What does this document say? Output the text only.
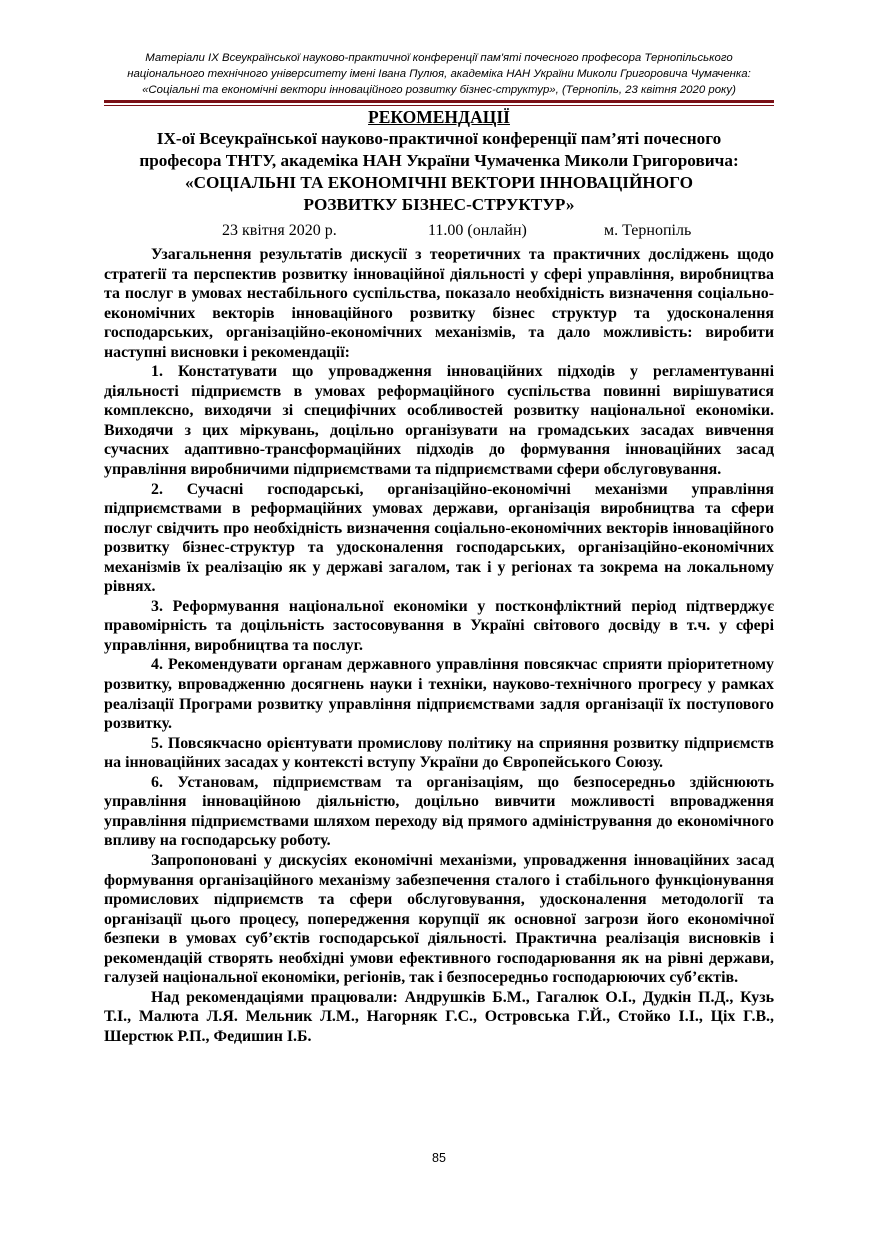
Матеріали IX Всеукраїнської науково-практичної конференції пам'яті почесного професора Тернопільського
національного технічного університету імені Івана Пулюя, академіка НАН України Миколи Григоровича Чумаченка:
«Соціальні та економічні вектори інноваційного розвитку бізнес-структур», (Тернопіль, 23 квітня 2020 року)
РЕКОМЕНДАЦІЇ
IX-ої Всеукраїнської науково-практичної конференції пам’яті почесного
професора ТНТУ, академіка НАН України Чумаченка Миколи Григоровича:
«СОЦІАЛЬНІ ТА ЕКОНОМІЧНІ ВЕКТОРИ ІННОВАЦІЙНОГО
РОЗВИТКУ БІЗНЕС-СТРУКТУР»
23 квітня 2020 р.	11.00 (онлайн)	м. Тернопіль

Узагальнення результатів дискусії з теоретичних та практичних досліджень щодо стратегії та перспектив розвитку інноваційної діяльності у сфері управління, виробництва та послуг в умовах нестабільного суспільства, показало необхідність визначення соціально-економічних векторів інноваційного розвитку бізнес структур та удосконалення господарських, організаційно-економічних механізмів, та дало можливість: виробити наступні висновки і рекомендації:

1. Констатувати що упровадження інноваційних підходів у регламентуванні діяльності підприємств в умовах реформаційного суспільства повинні вирішуватися комплексно, виходячи зі специфічних особливостей розвитку національної економіки. Виходячи з цих міркувань, доцільно організувати на громадських засадах вивчення сучасних адаптивно-трансформаційних підходів до формування інноваційних засад управління виробничими підприємствами та підприємствами сфери обслуговування.

2. Сучасні господарські, організаційно-економічні механізми управління підприємствами в реформаційних умовах держави, організація виробництва та сфери послуг свідчить про необхідність визначення соціально-економічних векторів інноваційного розвитку бізнес-структур та удосконалення господарських, організаційно-економічних механізмів їх реалізацію як у державі загалом, так і у регіонах та зокрема на локальному рівнях.

3. Реформування національної економіки у постконфліктний період підтверджує правомірність та доцільність застосовування в Україні світового досвіду в т.ч. у сфері управління, виробництва та послуг.

4. Рекомендувати органам державного управління повсякчас сприяти пріоритетному розвитку, впровадженню досягнень науки і техніки, науково-технічного прогресу у рамках реалізації Програми розвитку управління підприємствами задля організації їх поступового розвитку.

5. Повсякчасно орієнтувати промислову політику на сприяння розвитку підприємств на інноваційних засадах у контексті вступу України до Європейського Союзу.

6. Установам, підприємствам та організаціям, що безпосередньо здійснюють управління інноваційною діяльністю, доцільно вивчити можливості впровадження управління підприємствами шляхом переходу від прямого адміністрування до економічного впливу на господарську роботу.

Запропоновані у дискусіях економічні механізми, упровадження інноваційних засад формування організаційного механізму забезпечення сталого і стабільного функціонування промислових підприємств та сфери обслуговування, удосконалення методології та організації цього процесу, попередження корупції як основної загрози його економічної безпеки в умовах суб’єктів господарської діяльності. Практична реалізація висновків і рекомендацій створять необхідні умови ефективного господарювання як на рівні держави, галузей національної економіки, регіонів, так і безпосередньо господарюючих суб’єктів.

Над рекомендаціями працювали: Андрушків Б.М., Гагалюк О.І., Дудкін П.Д., Кузь Т.І., Малюта Л.Я. Мельник Л.М., Нагорняк Г.С., Островська Г.Й., Стойко І.І., Ціх Г.В., Шерстюк Р.П., Федишин І.Б.

85
